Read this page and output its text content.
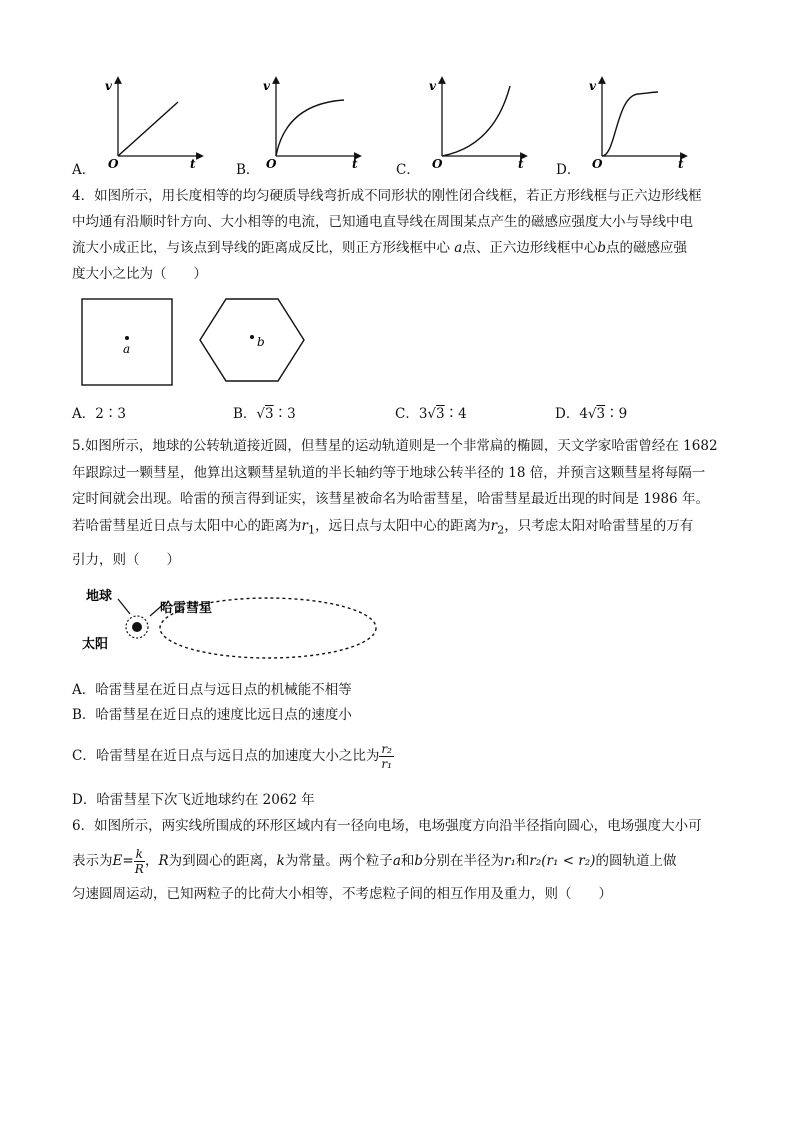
A．	B．	C．	D．
v
t
O
v
t
O
v
t
O
v
t
O
4．如图所示，用长度相等的均匀硬质导线弯折成不同形状的刚性闭合线框，若正方形线框与正六边形线框
中均通有沿顺时针方向、大小相等的电流，已知通电直导线在周围某点产生的磁感应强度大小与导线中电
流大小成正比，与该点到导线的距离成反比，则正方形线框中心 a点、正六边形线框中心b点的磁感应强
度大小之比为（　　）
a	b
A．2∶3	B．√3∶3	C．3√3∶4	D．4√3∶9
5.如图所示，地球的公转轨道接近圆，但彗星的运动轨道则是一个非常扁的椭圆，天文学家哈雷曾经在 1682
年跟踪过一颗彗星，他算出这颗彗星轨道的半长轴约等于地球公转半径的 18 倍，并预言这颗彗星将每隔一
定时间就会出现。哈雷的预言得到证实，该彗星被命名为哈雷彗星，哈雷彗星最近出现的时间是 1986 年。
若哈雷彗星近日点与太阳中心的距离为$r_1$，远日点与太阳中心的距离为$r_2$，只考虑太阳对哈雷彗星的万有
引力，则（　　）
地球
哈雷彗星
太阳
A．哈雷彗星在近日点与远日点的机械能不相等
B．哈雷彗星在近日点的速度比远日点的速度小
C．哈雷彗星在近日点与远日点的加速度大小之比为 $\frac{\text{r₂}}{\text{r₁}}$
D．哈雷彗星下次飞近地球约在 2062 年
6．如图所示，两实线所围成的环形区域内有一径向电场，电场强度方向沿半径指向圆心，电场强度大小可
表示为$E= \frac{k}{R}$ ，R为到圆心的距离，k为常量。两个粒子a和b分别在半径为r₁和r₂(r₁ < r₂)的圆轨道上做
匀速圆周运动，已知两粒子的比荷大小相等，不考虑粒子间的相互作用及重力，则（　　）
